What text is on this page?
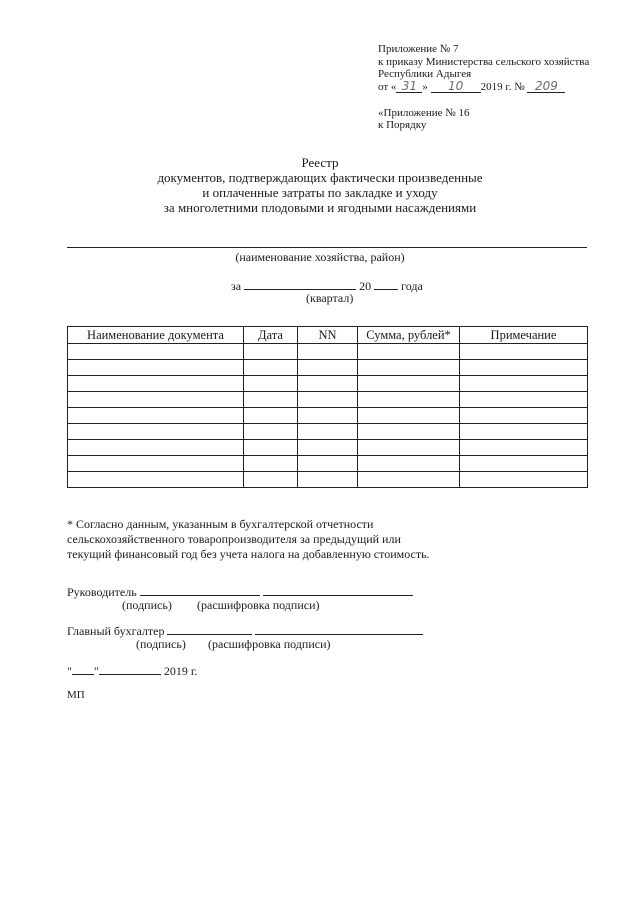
Приложение № 7
к приказу Министерства сельского хозяйства
Республики Адыгея
от « 31 » 10 2019 г. № 209
«Приложение № 16
к Порядку
Реестр
документов, подтверждающих фактически произведенные
и оплаченные затраты по закладке и уходу
за многолетними плодовыми и ягодными насаждениями
(наименование хозяйства, район)
за	20	года
(квартал)
Наименование документа	Дата	NN	Сумма, рублей*	Примечание

* Согласно данным, указанным в бухгалтерской отчетности
сельскохозяйственного товаропроизводителя за предыдущий или
текущий финансовый год без учета налога на добавленную стоимость.
Руководитель
(подпись) (расшифровка подписи)
Главный бухгалтер
(подпись) (расшифровка подписи)
" "	2019 г.
МП
